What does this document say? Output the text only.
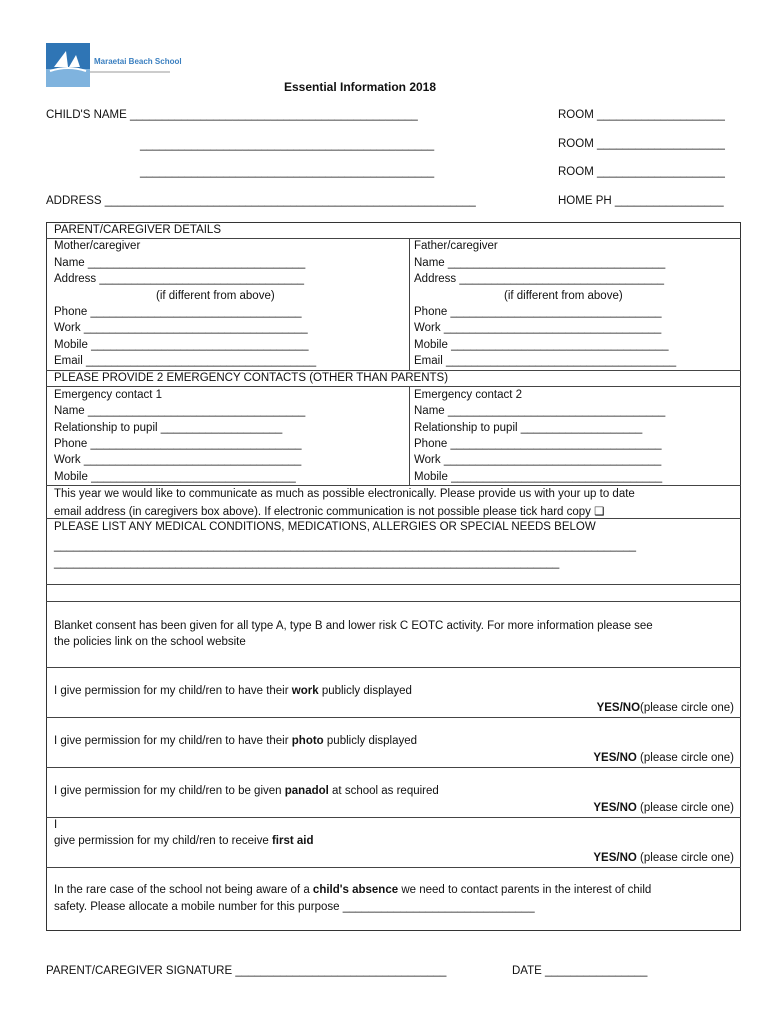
Maraetai Beach School
Essential Information 2018
CHILD'S NAME _____________________________________________
______________________________________________
______________________________________________
ROOM ____________________
ROOM ____________________
ROOM ____________________
ADDRESS __________________________________________________________	HOME PH _________________
PARENT/CAREGIVER DETAILS
Mother/caregiver
Name __________________________________
Address ________________________________
(if different from above)
Phone _________________________________
Work ___________________________________
Mobile __________________________________
Email ____________________________________
Father/caregiver
Name __________________________________
Address ________________________________
(if different from above)
Phone _________________________________
Work __________________________________
Mobile __________________________________
Email ____________________________________
PLEASE PROVIDE 2 EMERGENCY CONTACTS (OTHER THAN PARENTS)
Emergency contact 1
Name __________________________________
Relationship to pupil ___________________
Phone _________________________________
Work __________________________________
Mobile ________________________________
Emergency contact 2
Name __________________________________
Relationship to pupil ___________________
Phone _________________________________
Work __________________________________
Mobile _________________________________
This year we would like to communicate as much as possible electronically. Please provide us with your up to date
email address (in caregivers box above). If electronic communication is not possible please tick hard copy ❑
PLEASE LIST ANY MEDICAL CONDITIONS, MEDICATIONS, ALLERGIES OR SPECIAL NEEDS BELOW
___________________________________________________________________________________________
_______________________________________________________________________________
Blanket consent has been given for all type A, type B and lower risk C EOTC activity. For more information please see
the policies link on the school website
I give permission for my child/ren to have their work publicly displayed
YES/NO(please circle one)
I give permission for my child/ren to have their photo publicly displayed
YES/NO (please circle one)
I give permission for my child/ren to be given panadol at school as required
YES/NO (please circle one)
I
give permission for my child/ren to receive first aid
YES/NO (please circle one)
In the rare case of the school not being aware of a child's absence we need to contact parents in the interest of child
safety. Please allocate a mobile number for this purpose ______________________________
PARENT/CAREGIVER SIGNATURE _________________________________	DATE ________________
